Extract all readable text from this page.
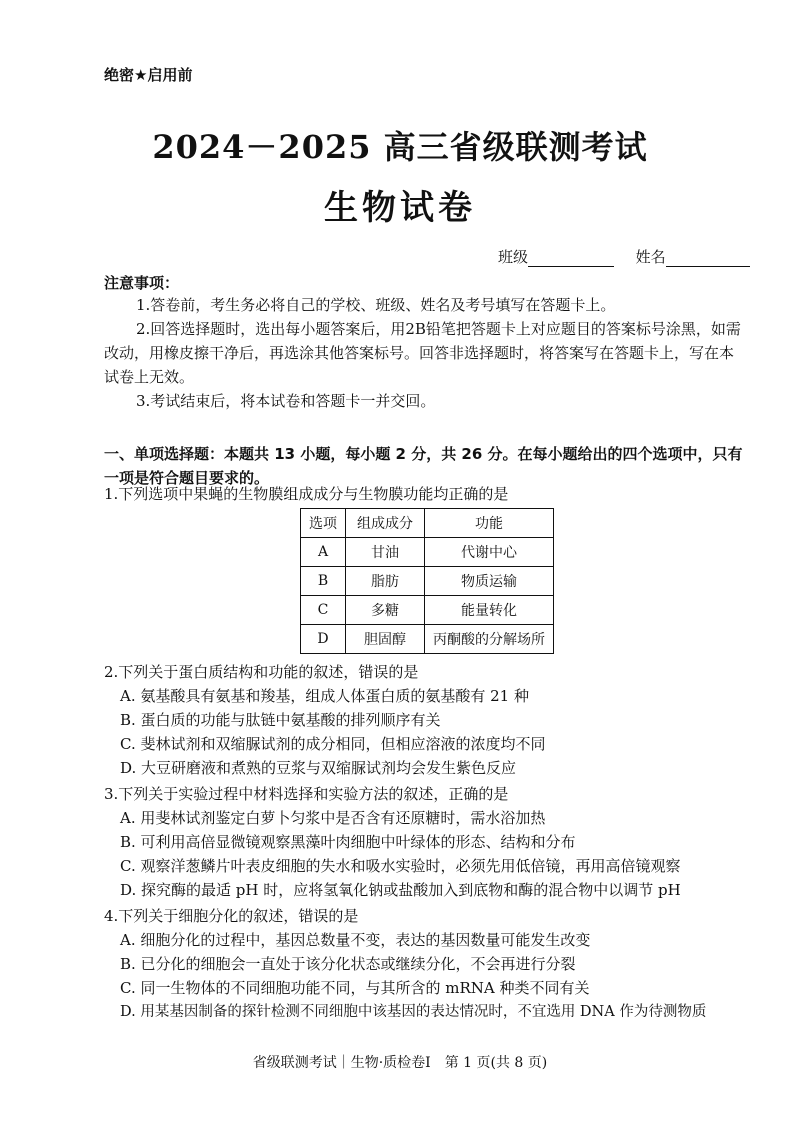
绝密★启用前
2024－2025 高三省级联测考试
生物试卷
班级	姓名
注意事项：
1.答卷前，考生务必将自己的学校、班级、姓名及考号填写在答题卡上。
2.回答选择题时，选出每小题答案后，用2B铅笔把答题卡上对应题目的答案标号涂黑，如需改动，用橡皮擦干净后，再选涂其他答案标号。回答非选择题时，将答案写在答题卡上，写在本试卷上无效。
3.考试结束后，将本试卷和答题卡一并交回。
一、单项选择题：本题共 13 小题，每小题 2 分，共 26 分。在每小题给出的四个选项中，只有一项是符合题目要求的。
1.下列选项中果蝇的生物膜组成成分与生物膜功能均正确的是
选项	组成成分	功能
A	甘油	代谢中心
B	脂肪	物质运输
C	多糖	能量转化
D	胆固醇	丙酮酸的分解场所
2.下列关于蛋白质结构和功能的叙述，错误的是
A. 氨基酸具有氨基和羧基，组成人体蛋白质的氨基酸有 21 种
B. 蛋白质的功能与肽链中氨基酸的排列顺序有关
C. 斐林试剂和双缩脲试剂的成分相同，但相应溶液的浓度均不同
D. 大豆研磨液和煮熟的豆浆与双缩脲试剂均会发生紫色反应
3.下列关于实验过程中材料选择和实验方法的叙述，正确的是
A. 用斐林试剂鉴定白萝卜匀浆中是否含有还原糖时，需水浴加热
B. 可利用高倍显微镜观察黑藻叶肉细胞中叶绿体的形态、结构和分布
C. 观察洋葱鳞片叶表皮细胞的失水和吸水实验时，必须先用低倍镜，再用高倍镜观察
D. 探究酶的最适 pH 时，应将氢氧化钠或盐酸加入到底物和酶的混合物中以调节 pH
4.下列关于细胞分化的叙述，错误的是
A. 细胞分化的过程中，基因总数量不变，表达的基因数量可能发生改变
B. 已分化的细胞会一直处于该分化状态或继续分化，不会再进行分裂
C. 同一生物体的不同细胞功能不同，与其所含的 mRNA 种类不同有关
D. 用某基因制备的探针检测不同细胞中该基因的表达情况时，不宜选用 DNA 作为待测物质
省级联测考试｜生物·质检卷Ⅰ　第 1 页(共 8 页)
